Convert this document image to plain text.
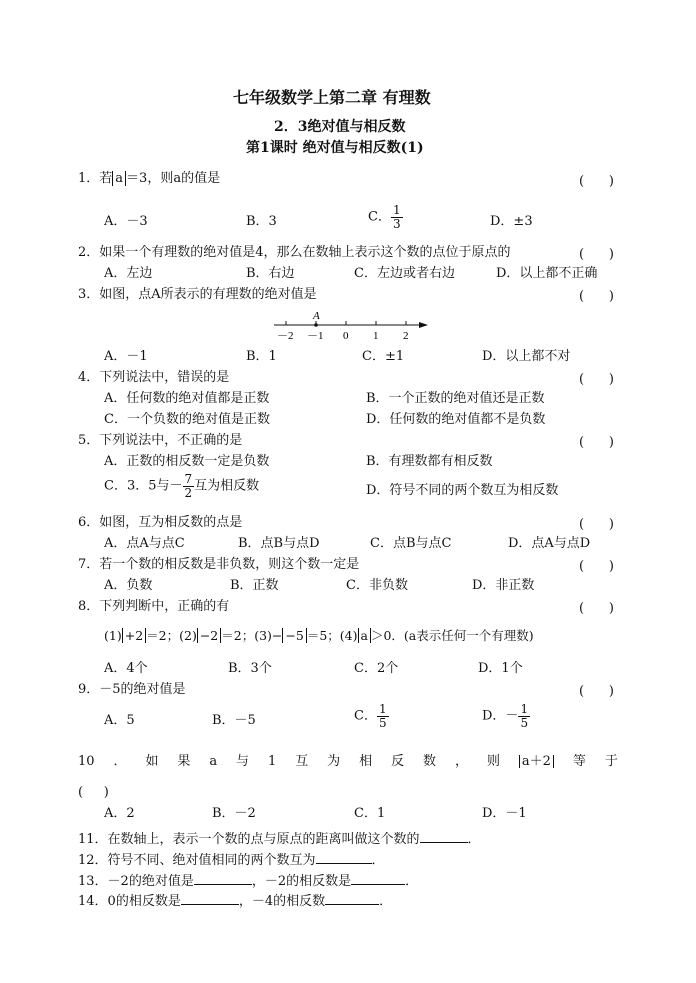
七年级数学上第二章 有理数
2．3绝对值与相反数
第1课时 绝对值与相反数(1)
1．若 a ＝3，则a的值是	(      )
A．－3	B．3	C． $\frac{1}{3}$	D．±3
2．如果一个有理数的绝对值是4，那么在数轴上表示这个数的点位于原点的	(      )
A．左边	B．右边	C．左边或者右边	D．以上都不正确
3．如图，点A所表示的有理数的绝对值是	(      )
A
－2 －1 0 1 2
A．－1	B．1	C．±1	D．以上都不对
4．下列说法中，错误的是	(      )
A．任何数的绝对值都是正数	B．一个正数的绝对值还是正数
C．一个负数的绝对值是正数	D．任何数的绝对值都不是负数
5．下列说法中，不正确的是	(      )
A．正数的相反数一定是负数	B．有理数都有相反数
C．3．5与－ $\frac{7}{2}$ 互为相反数	D．符号不同的两个数互为相反数
6．如图，互为相反数的点是	(      )
A．点A与点C	B．点B与点D	C．点B与点C	D．点A与点D
7．若一个数的相反数是非负数，则这个数一定是	(      )
A．负数	B．正数	C．非负数	D．非正数
8．下列判断中，正确的有	(      )
(1) +2 ＝2；(2) −2 ＝2；(3)− −5 ＝5；(4) a ＞0．(a表示任何一个有理数)
A．4个	B．3个	C．2个	D．1个
9．－5的绝对值是	(      )
A．5	B．－5	C． $\frac{1}{5}$	D．－ $\frac{1}{5}$
10 ． 如 果 a 与 1 互 为 相 反 数 ， 则 a＋2 等 于
(     )
A．2	B．－2	C．1	D．－1
11．在数轴上，表示一个数的点与原点的距离叫做这个数的	．
12．符号不同、绝对值相同的两个数互为	．
13．－2的绝对值是	，－2的相反数是	．
14．0的相反数是	，－4的相反数	．
